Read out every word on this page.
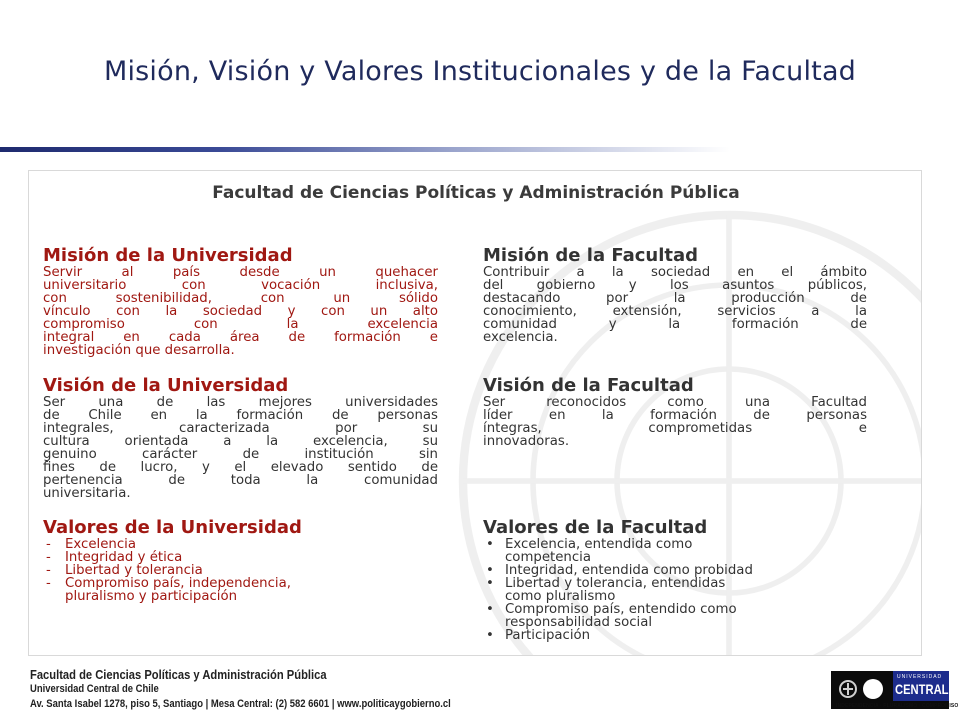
Misión, Visión y Valores Institucionales y de la Facultad
Facultad de Ciencias Políticas y Administración Pública
Misión de la Universidad
Servir al país desde un quehacer
universitario con vocación inclusiva,
con sostenibilidad, con un sólido
vínculo con la sociedad y con un alto
compromiso con la excelencia
integral en cada área de formación e
investigación que desarrolla.
Misión de la Facultad
Contribuir a la sociedad en el ámbito
del gobierno y los asuntos públicos,
destacando por la producción de
conocimiento, extensión, servicios a la
comunidad y la formación de
excelencia.
Visión de la Universidad
Ser una de las mejores universidades
de Chile en la formación de personas
integrales, caracterizada por su
cultura orientada a la excelencia, su
genuino carácter de institución sin
fines de lucro, y el elevado sentido de
pertenencia de toda la comunidad
universitaria.
Visión de la Facultad
Ser reconocidos como una Facultad
líder en la formación de personas
íntegras, comprometidas e
innovadoras.
Valores de la Universidad
- Excelencia
- Integridad y ética
- Libertad y tolerancia
- Compromiso país, independencia,
pluralismo y participación
Valores de la Facultad
• Excelencia, entendida como
competencia
• Integridad, entendida como probidad
• Libertad y tolerancia, entendidas
como pluralismo
• Compromiso país, entendido como
responsabilidad social
• Participación
Facultad de Ciencias Políticas y Administración Pública
Universidad Central de Chile
Av. Santa Isabel 1278, piso 5, Santiago | Mesa Central: (2) 582 6601 | www.politicaygobierno.cl
UNIVERSIDAD
CENTRAL
INDEPENDENCIA · PLURALISMO · COMPROMISO
